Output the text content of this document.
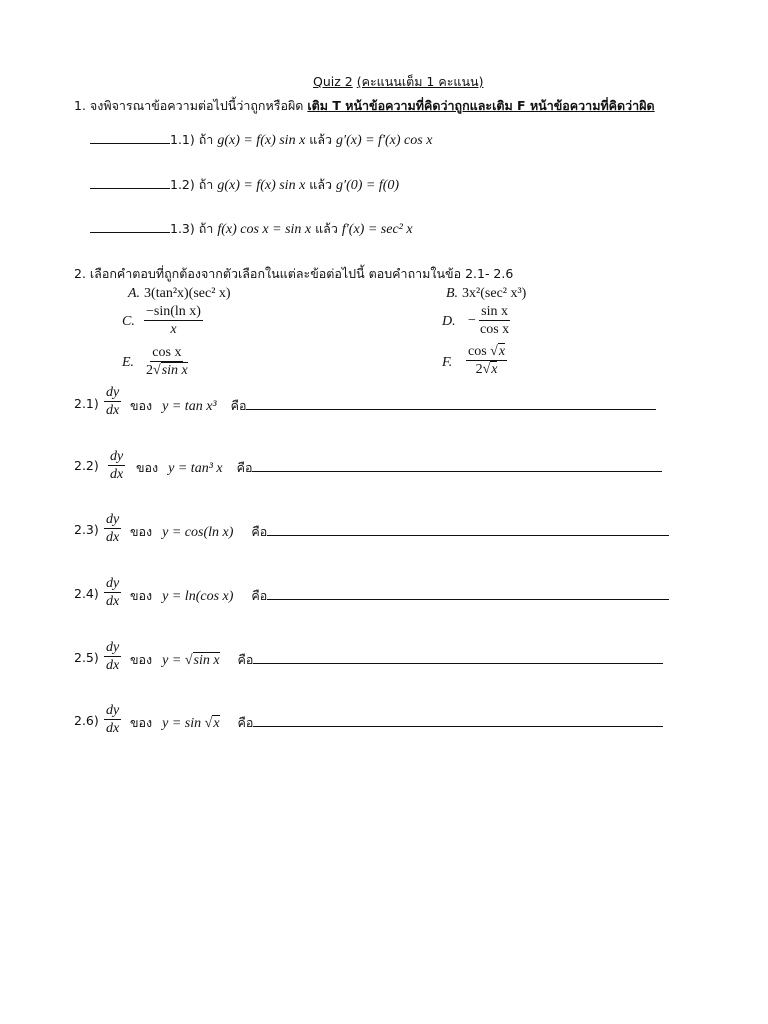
Quiz 2 (คะแนนเต็ม 1 คะแนน)
1. จงพิจารณาข้อความต่อไปนี้ว่าถูกหรือผิด เติม T หน้าข้อความที่คิดว่าถูกและเติม F หน้าข้อความที่คิดว่าผิด
1.1) ถ้า g(x) = f(x) sin x แล้ว g′(x) = f′(x) cos x
1.2) ถ้า g(x) = f(x) sin x แล้ว g′(0) = f(0)
1.3) ถ้า f(x) cos x = sin x แล้ว f′(x) = sec² x
2. เลือกคำตอบที่ถูกต้องจากตัวเลือกในแต่ละข้อต่อไปนี้ ตอบคำถามในข้อ 2.1- 2.6
A. 3(tan²x)(sec² x)	B. 3x²(sec² x³)
C. $\frac{\text{−sin(ln x)}}{x}$	D. − $\frac{\text{sin x}}{\text{cos x}}$
E. $\frac{\text{cos x}}{\text{2√sin x}}$	F. $\frac{\cos √x}{2√x}$
$2.1) \frac{dy}{dx}$ ของ y = tan x³ คือ
$2.2) \frac{dy}{dx}$ ของ y = tan³ x คือ
$2.3) \frac{dy}{dx}$ ของ y = cos(ln x) คือ
$2.4) \frac{dy}{dx}$ ของ y = ln(cos x) คือ
$2.5) \frac{dy}{dx}$ ของ y = √sin x คือ
$2.6) \frac{dy}{dx}$ ของ y = sin √x คือ
